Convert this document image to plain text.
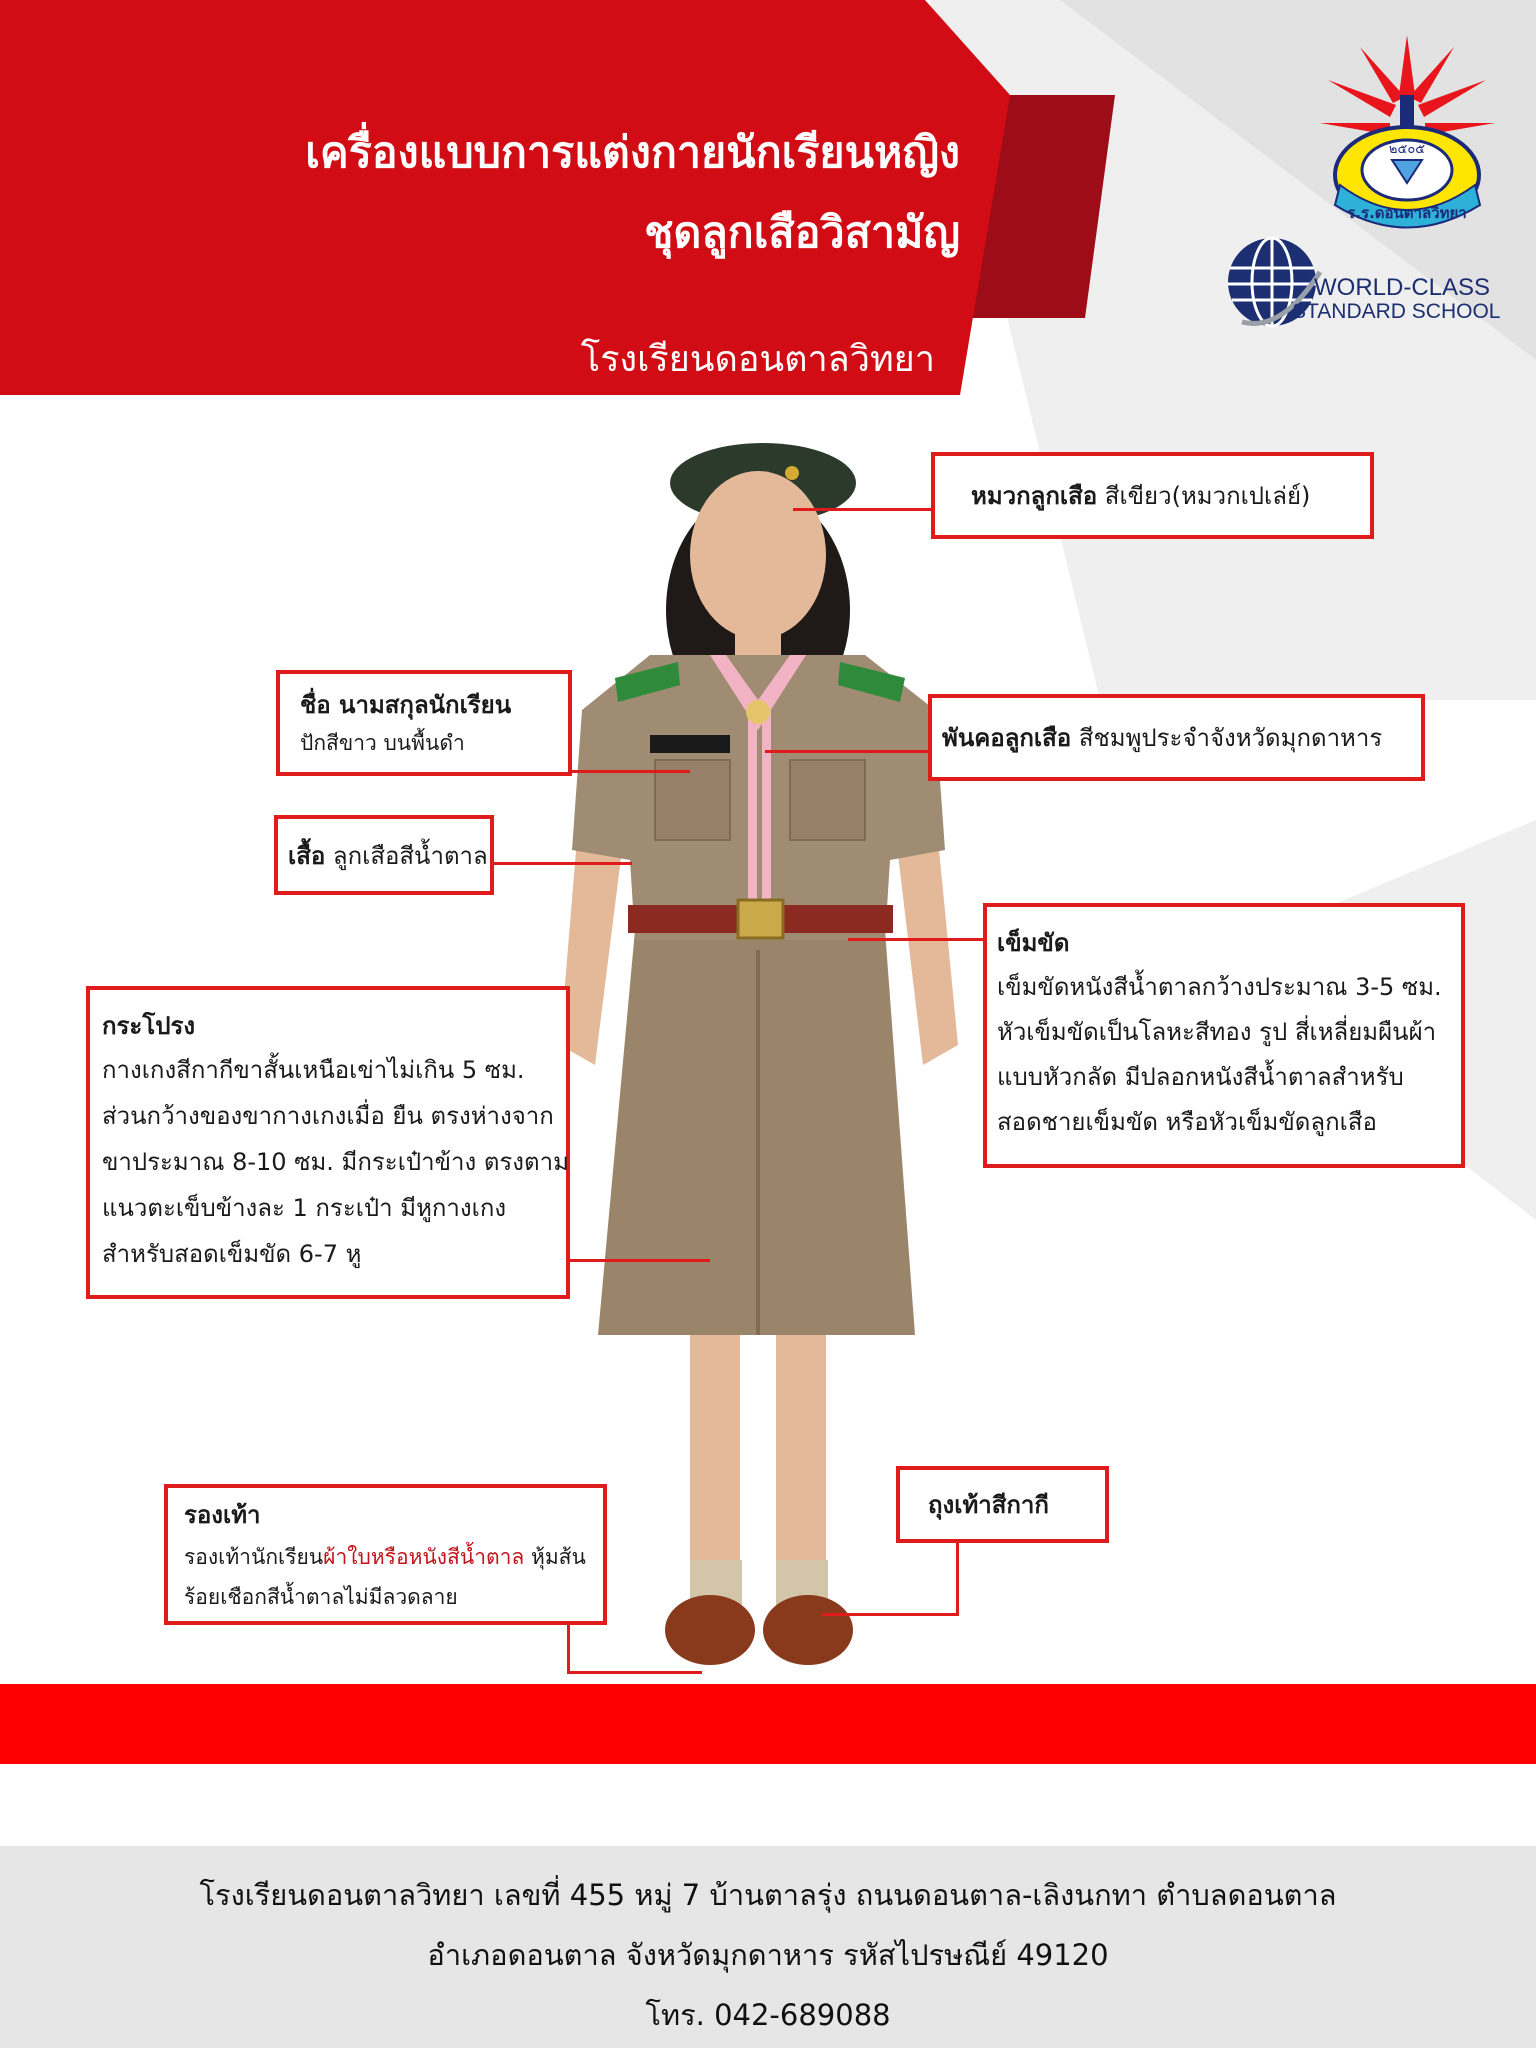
เครื่องแบบการแต่งกายนักเรียนหญิง
ชุดลูกเสือวิสามัญ
โรงเรียนดอนตาลวิทยา
๒๕๐๕
ร.ร.ดอนตาลวิทยา
WORLD-CLASS
STANDARD SCHOOL
หมวกลูกเสือ สีเขียว(หมวกเปเล่ย์)
ชื่อ นามสกุลนักเรียน
ปักสีขาว บนพื้นดำ	พันคอลูกเสือ สีชมพูประจำจังหวัดมุกดาหาร
เสื้อ ลูกเสือสีน้ำตาล
เข็มขัด
เข็มขัดหนังสีน้ำตาลกว้างประมาณ 3-5 ซม.
หัวเข็มขัดเป็นโลหะสีทอง รูป สี่เหลี่ยมผืนผ้า
แบบหัวกลัด มีปลอกหนังสีน้ำตาลสำหรับ
สอดชายเข็มขัด หรือหัวเข็มขัดลูกเสือ
กระโปรง
กางเกงสีกากีขาสั้นเหนือเข่าไม่เกิน 5 ซม.
ส่วนกว้างของขากางเกงเมื่อ ยืน ตรงห่างจาก
ขาประมาณ 8-10 ซม. มีกระเป๋าข้าง ตรงตาม
แนวตะเข็บข้างละ 1 กระเป๋า มีหูกางเกง
สำหรับสอดเข็มขัด 6-7 หู
รองเท้า
รองเท้านักเรียนผ้าใบหรือหนังสีน้ำตาล หุ้มส้น
ร้อยเชือกสีน้ำตาลไม่มีลวดลาย
ถุงเท้าสีกากี
โรงเรียนดอนตาลวิทยา เลขที่ 455 หมู่ 7 บ้านตาลรุ่ง ถนนดอนตาล-เลิงนกทา ตำบลดอนตาล
อำเภอดอนตาล จังหวัดมุกดาหาร รหัสไปรษณีย์ 49120
โทร. 042-689088
